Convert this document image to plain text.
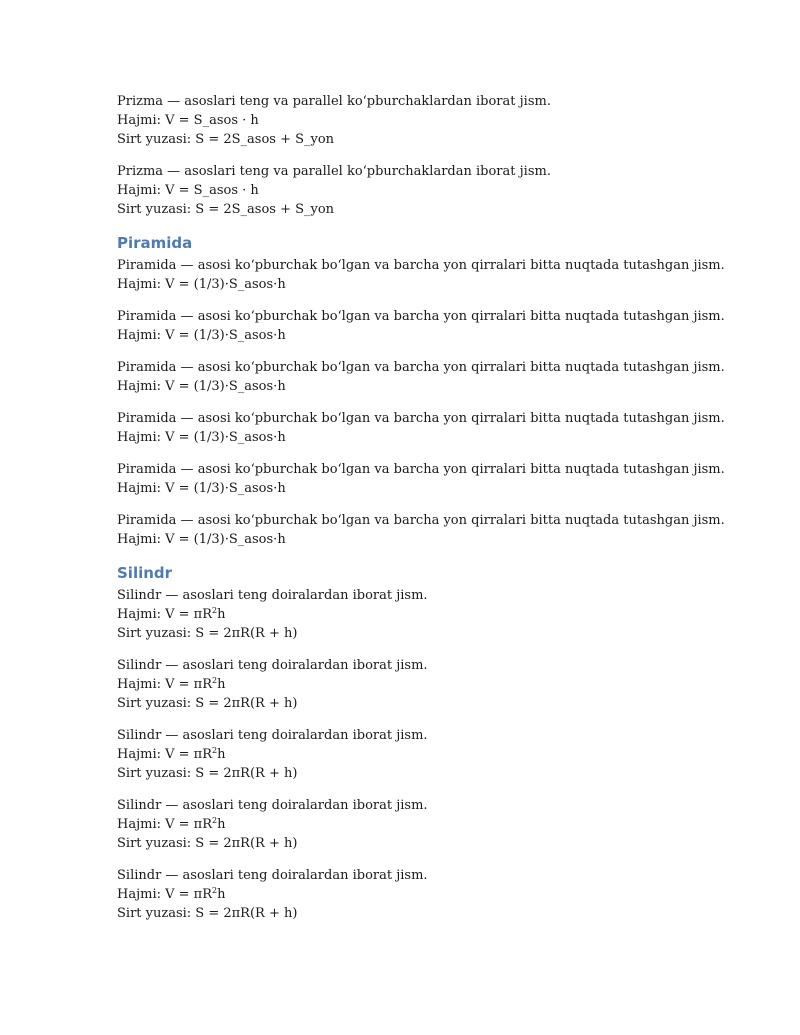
Prizma — asoslari teng va parallel ko‘pburchaklardan iborat jism.
Hajmi: V = S_asos · h
Sirt yuzasi: S = 2S_asos + S_yon

Prizma — asoslari teng va parallel ko‘pburchaklardan iborat jism.
Hajmi: V = S_asos · h
Sirt yuzasi: S = 2S_asos + S_yon

Piramida

Piramida — asosi ko‘pburchak bo‘lgan va barcha yon qirralari bitta nuqtada tutashgan jism.
Hajmi: V = (1/3)·S_asos·h

Piramida — asosi ko‘pburchak bo‘lgan va barcha yon qirralari bitta nuqtada tutashgan jism.
Hajmi: V = (1/3)·S_asos·h

Piramida — asosi ko‘pburchak bo‘lgan va barcha yon qirralari bitta nuqtada tutashgan jism.
Hajmi: V = (1/3)·S_asos·h

Piramida — asosi ko‘pburchak bo‘lgan va barcha yon qirralari bitta nuqtada tutashgan jism.
Hajmi: V = (1/3)·S_asos·h

Piramida — asosi ko‘pburchak bo‘lgan va barcha yon qirralari bitta nuqtada tutashgan jism.
Hajmi: V = (1/3)·S_asos·h

Piramida — asosi ko‘pburchak bo‘lgan va barcha yon qirralari bitta nuqtada tutashgan jism.
Hajmi: V = (1/3)·S_asos·h

Silindr

Silindr — asoslari teng doiralardan iborat jism.
Hajmi: $V = \pi R^2h$
Sirt yuzasi: S = 2πR(R + h)

Silindr — asoslari teng doiralardan iborat jism.
Hajmi: $V = \pi R^2h$
Sirt yuzasi: S = 2πR(R + h)

Silindr — asoslari teng doiralardan iborat jism.
Hajmi: $V = \pi R^2h$
Sirt yuzasi: S = 2πR(R + h)

Silindr — asoslari teng doiralardan iborat jism.
Hajmi: $V = \pi R^2h$
Sirt yuzasi: S = 2πR(R + h)

Silindr — asoslari teng doiralardan iborat jism.
Hajmi: $V = \pi R^2h$
Sirt yuzasi: S = 2πR(R + h)
